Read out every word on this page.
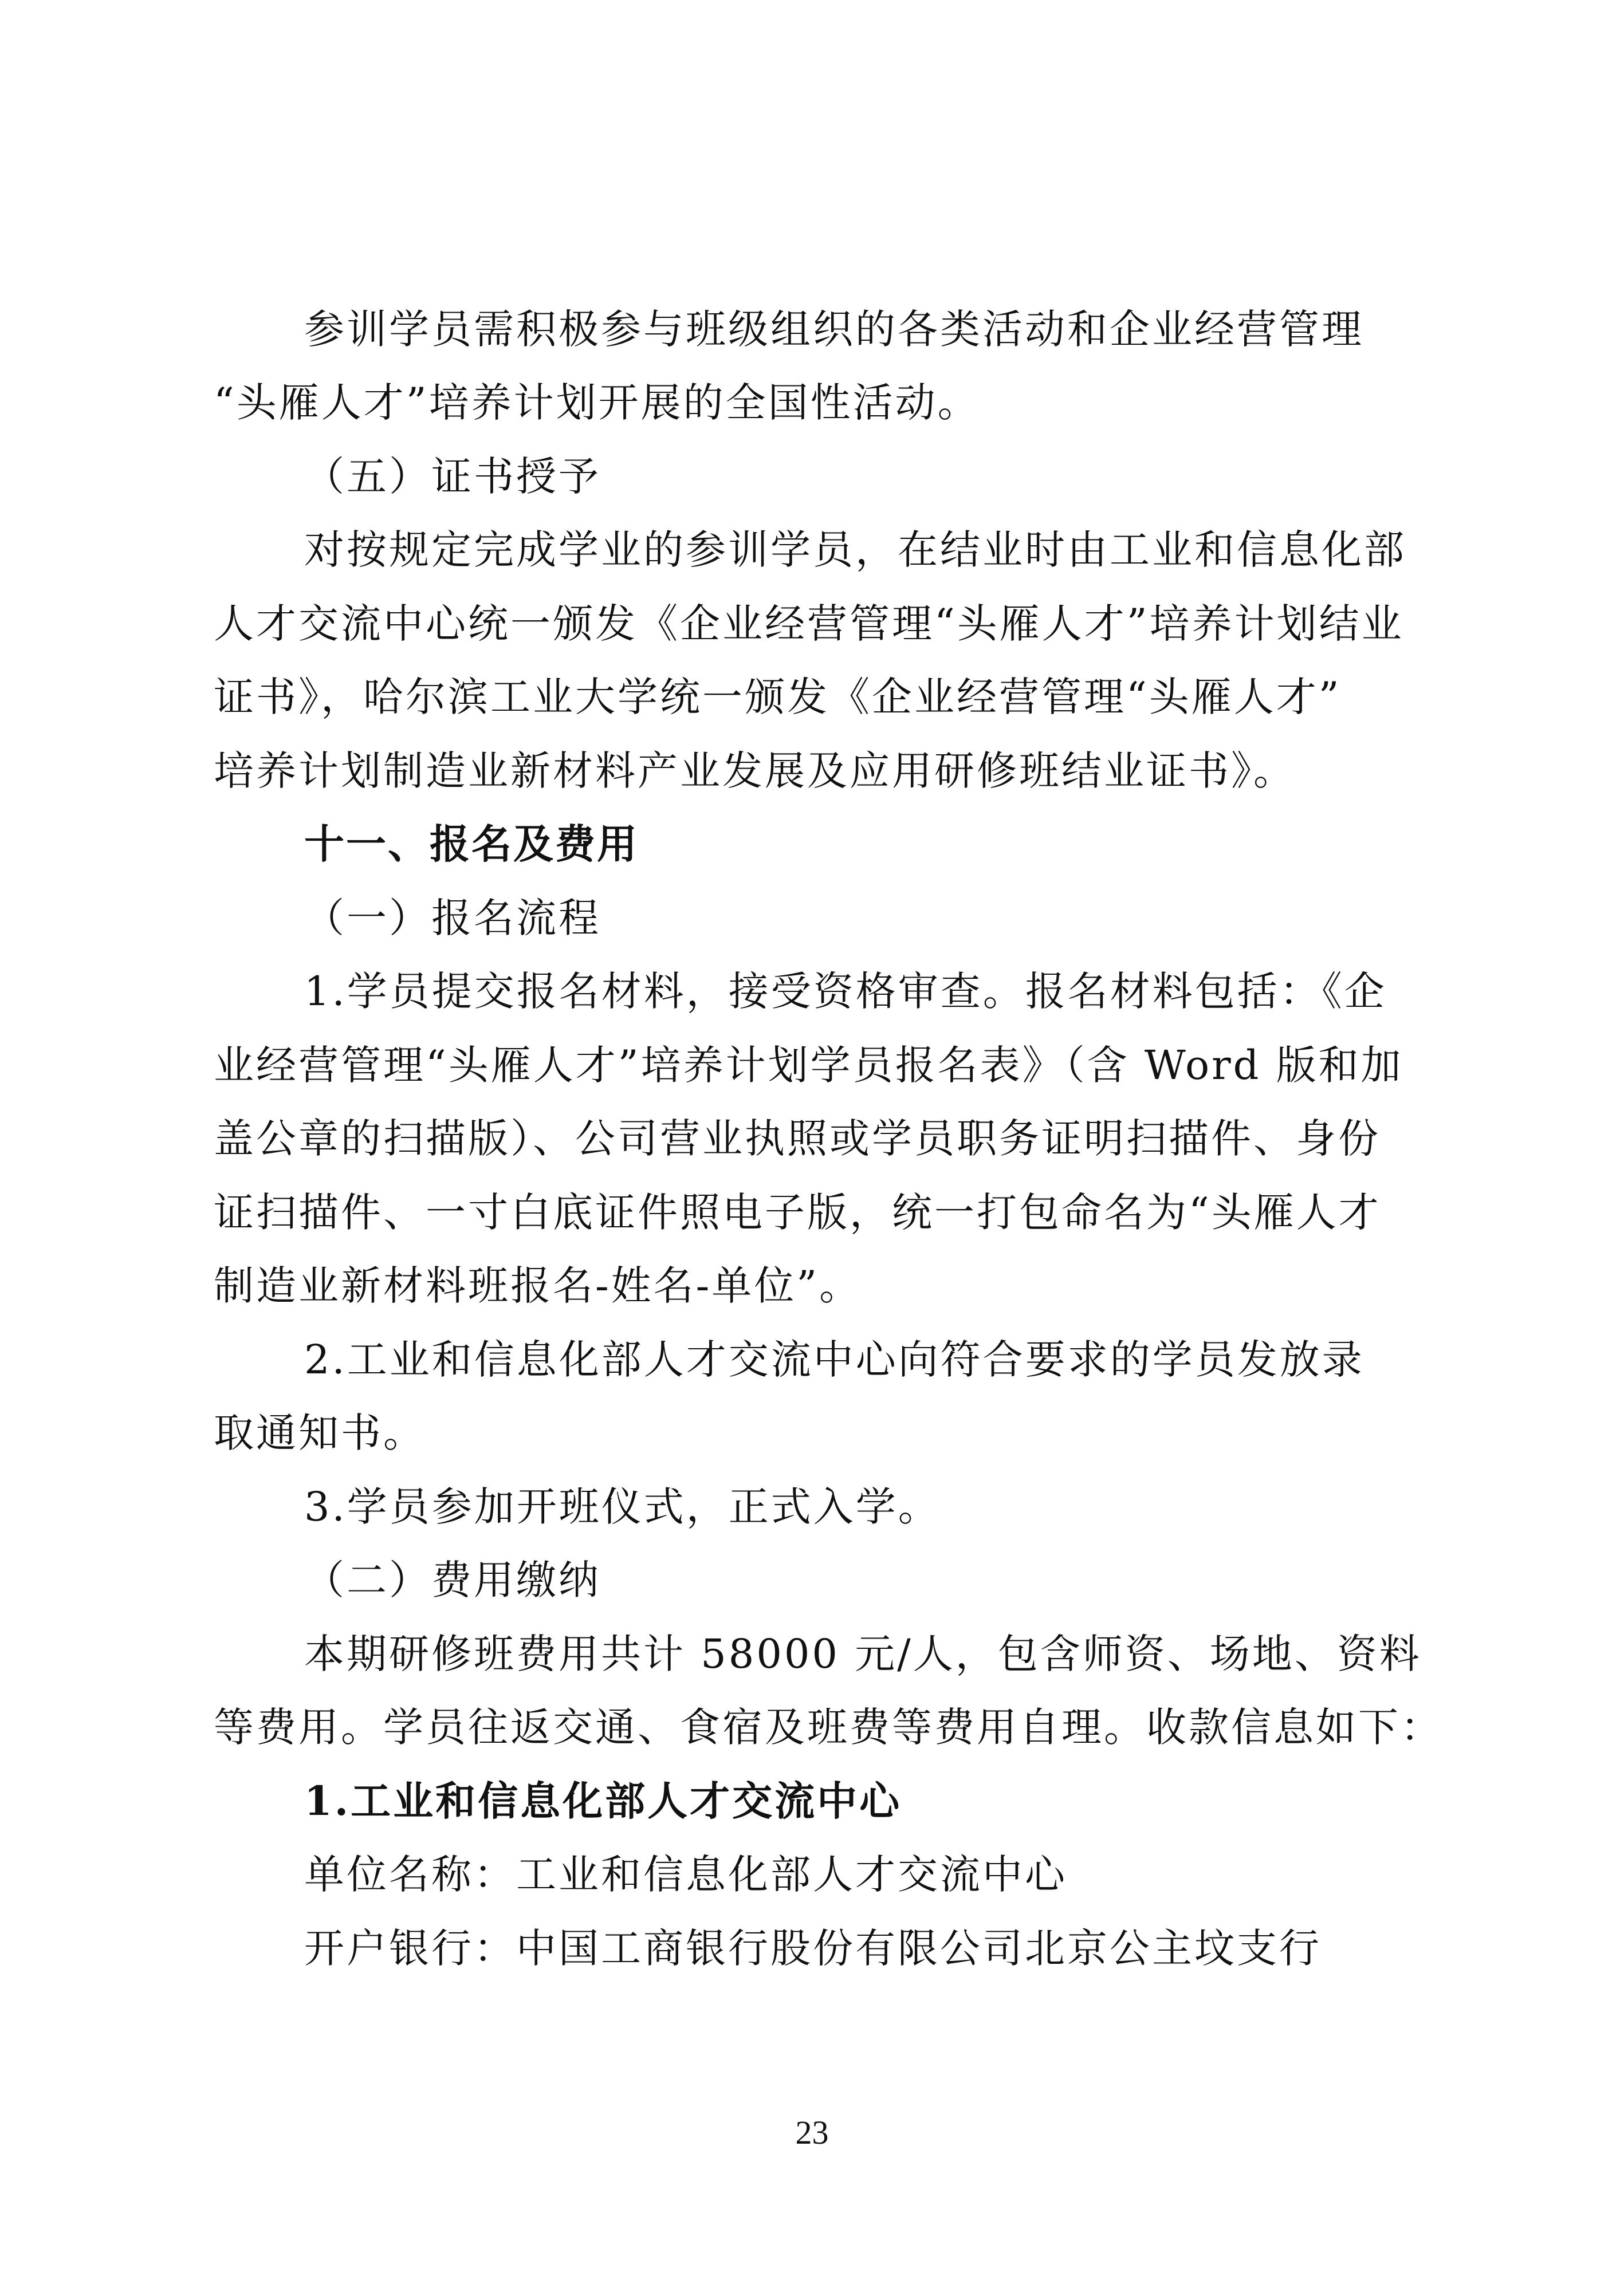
参训学员需积极参与班级组织的各类活动和企业经营管理
“头雁人才”培养计划开展的全国性活动。
（五）证书授予
对按规定完成学业的参训学员，在结业时由工业和信息化部
人才交流中心统一颁发《企业经营管理“头雁人才”培养计划结业
证书》，哈尔滨工业大学统一颁发《企业经营管理“头雁人才”
培养计划制造业新材料产业发展及应用研修班结业证书》。
十一、报名及费用
（一）报名流程
1.学员提交报名材料，接受资格审查。报名材料包括：《企
业经营管理“头雁人才”培养计划学员报名表》（含 Word 版和加
盖公章的扫描版）、公司营业执照或学员职务证明扫描件、身份
证扫描件、一寸白底证件照电子版，统一打包命名为“头雁人才
制造业新材料班报名-姓名-单位”。
2.工业和信息化部人才交流中心向符合要求的学员发放录
取通知书。
3.学员参加开班仪式，正式入学。
（二）费用缴纳
本期研修班费用共计 58000 元/人，包含师资、场地、资料
等费用。学员往返交通、食宿及班费等费用自理。收款信息如下：
1.工业和信息化部人才交流中心
单位名称：工业和信息化部人才交流中心
开户银行：中国工商银行股份有限公司北京公主坟支行
23
